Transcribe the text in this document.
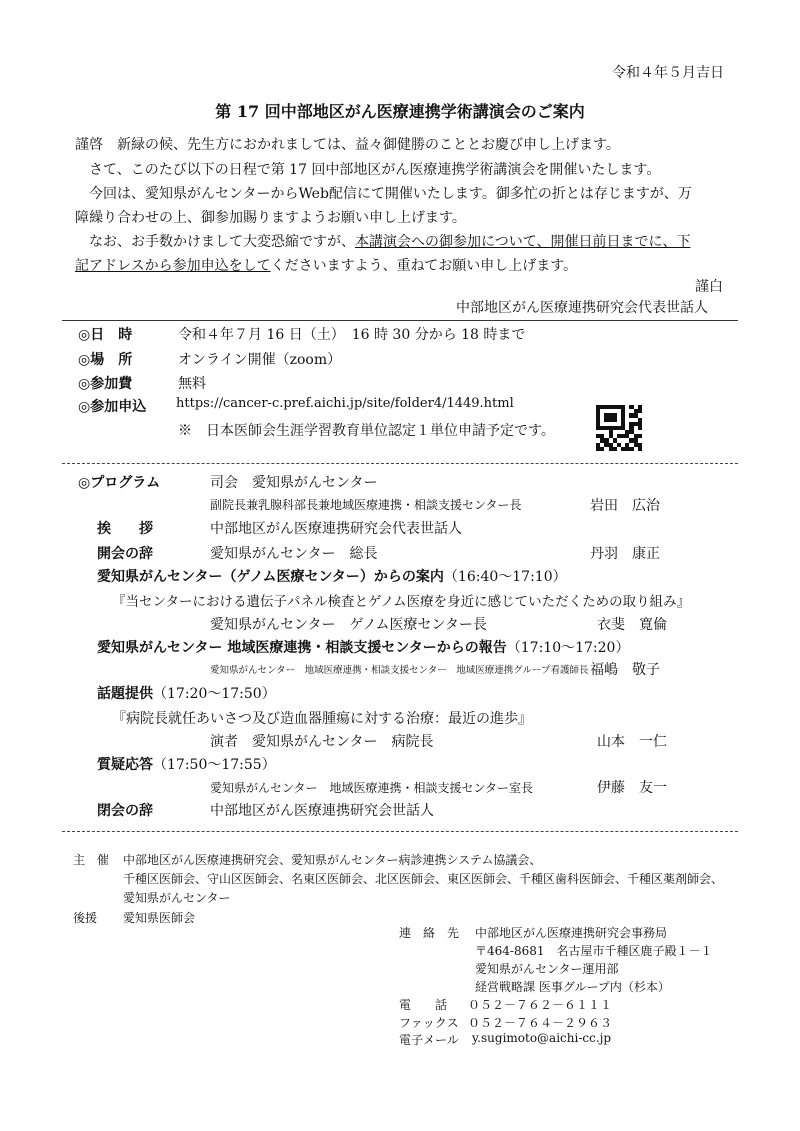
令和４年５月吉日
第 17 回中部地区がん医療連携学術講演会のご案内
謹啓　新緑の候、先生方におかれましては、益々御健勝のこととお慶び申し上げます。
さて、このたび以下の日程で第 17 回中部地区がん医療連携学術講演会を開催いたします。
今回は、愛知県がんセンターからWeb配信にて開催いたします。御多忙の折とは存じますが、万
障繰り合わせの上、御参加賜りますようお願い申し上げます。
なお、お手数かけまして大変恐縮ですが、本講演会への御参加について、開催日前日までに、下
記アドレスから参加申込をしてくださいますよう、重ねてお願い申し上げます。
謹白
中部地区がん医療連携研究会代表世話人
◎日　時	令和４年７月 16 日（土）　16 時 30 分から 18 時まで
◎場　所	オンライン開催（zoom）
◎参加費	無料
◎参加申込 https://cancer-c.pref.aichi.jp/site/folder4/1449.html
※　日本医師会生涯学習教育単位認定１単位申請予定です。
◎プログラム	司会　愛知県がんセンター
副院長兼乳腺科部長兼地域医療連携・相談支援センター長	岩田　広治
挨　　拶	中部地区がん医療連携研究会代表世話人
開会の辞	愛知県がんセンター　総長	丹羽　康正
愛知県がんセンター（ゲノム医療センター）からの案内（16:40～17:10）
『当センターにおける遺伝子パネル検査とゲノム医療を身近に感じていただくための取り組み』
愛知県がんセンター　ゲノム医療センター長	衣斐　寛倫
愛知県がんセンター 地域医療連携・相談支援センターからの報告（17:10～17:20）
愛知県がんセンター　地域医療連携・相談支援センター　地域医療連携グループ看護師長 福嶋　敬子
話題提供（17:20～17:50）
『病院長就任あいさつ及び造血器腫瘍に対する治療：最近の進歩』
演者　愛知県がんセンター　病院長	山本　一仁
質疑応答（17:50～17:55）
愛知県がんセンター　地域医療連携・相談支援センター室長	伊藤　友一
閉会の辞	中部地区がん医療連携研究会世話人
主　催 中部地区がん医療連携研究会、愛知県がんセンター病診連携システム協議会、
千種区医師会、守山区医師会、名東区医師会、北区医師会、東区医師会、千種区歯科医師会、千種区薬剤師会、
愛知県がんセンター
後援 愛知県医師会
連　絡　先 中部地区がん医療連携研究会事務局
〒464-8681　名古屋市千種区鹿子殿１－１
愛知県がんセンター運用部
経営戦略課 医事グループ内（杉本）
電　　話 ０５２－７６２－６１１１
ファックス ０５２－７６４－２９６３
電子メール y.sugimoto@aichi-cc.jp
